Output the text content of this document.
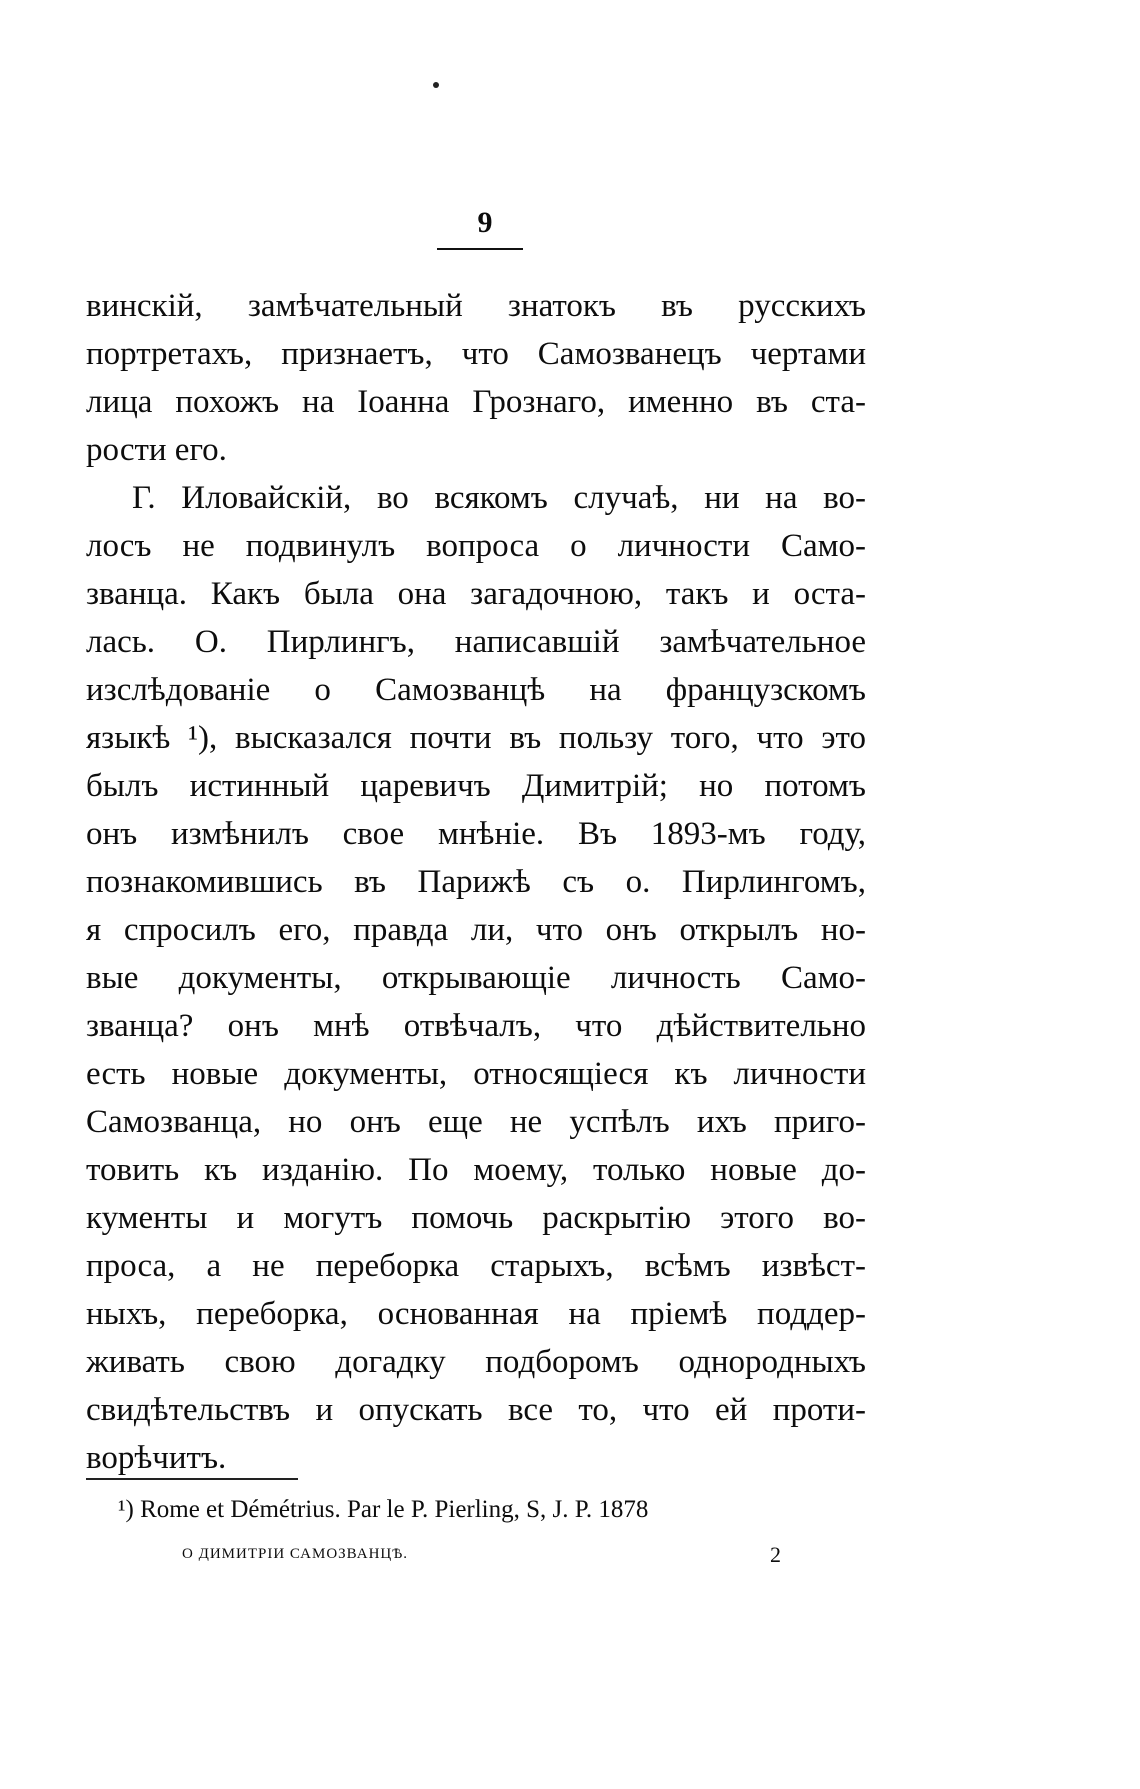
9
винскій, замѣчательный знатокъ въ русскихъ
портретахъ, признаетъ, что Самозванецъ чертами
лица похожъ на Іоанна Грознаго, именно въ ста-
рости его.
Г. Иловайскій, во всякомъ случаѣ, ни на во-
лосъ не подвинулъ вопроса о личности Само-
званца. Какъ была она загадочною, такъ и оста-
лась. О. Пирлингъ, написавшій замѣчательное
изслѣдованіе о Самозванцѣ на французскомъ
языкѣ ¹), высказался почти въ пользу того, что это
былъ истинный царевичъ Димитрій; но потомъ
онъ измѣнилъ свое мнѣніе. Въ 1893-мъ году,
познакомившись въ Парижѣ съ о. Пирлингомъ,
я спросилъ его, правда ли, что онъ открылъ но-
вые документы, открывающіе личность Само-
званца? онъ мнѣ отвѣчалъ, что дѣйствительно
есть новые документы, относящіеся къ личности
Самозванца, но онъ еще не успѣлъ ихъ приго-
товить къ изданію. По моему, только новые до-
кументы и могутъ помочь раскрытію этого во-
проса, а не переборка старыхъ, всѣмъ извѣст-
ныхъ, переборка, основанная на пріемѣ поддер-
живать свою догадку подборомъ однородныхъ
свидѣтельствъ и опускать все то, что ей проти-
ворѣчитъ.
¹) Rome et Démétrius. Par le P. Pierling, S, J. P. 1878
О ДИМИТРІИ САМОЗВАНЦѢ.	2
